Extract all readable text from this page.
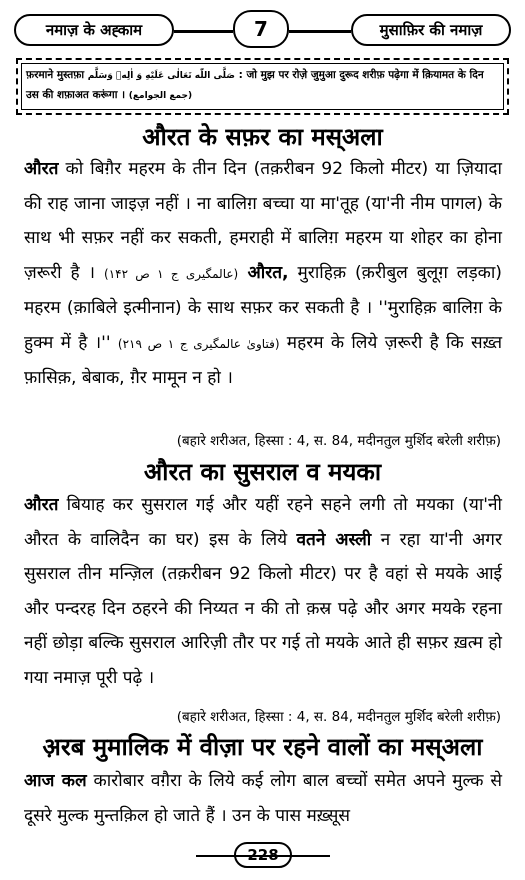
नमाज़ के अह्काम	7	मुसाफ़िर की नमाज़
फ़रमाने मुस्तफ़ा صَلَّى اللّٰه تَعَالٰى عَلَيْهِ وَ اٰلِهٖ وَسَلَّم : जो मुझ पर रोज़े जुमुआ दुरूद शरीफ़ पढ़ेगा में क़ियामत के दिन उस की शफ़ाअत करूंगा । (جمع الجوامع)
औरत के सफ़र का मस्अला
औरत को बिग़ैर महरम के तीन दिन (तक़रीबन 92 किलो मीटर) या ज़ियादा की राह जाना जाइज़ नहीं । ना बालिग़ बच्चा या मा'तूह (या'नी नीम पागल) के साथ भी सफ़र नहीं कर सकती, हमराही में बालिग़ महरम या शोहर का होना ज़रूरी है । (عالمگیری ج ۱ ص ۱۴۲) औरत, मुराहिक़ (क़रीबुल बुलूग़ लड़का) महरम (क़ाबिले इत्मीनान) के साथ सफ़र कर सकती है । ''मुराहिक़ बालिग़ के हुक्म में है ।'' (فتاویٰ عالمگیری ج ۱ ص ۲۱۹) महरम के लिये ज़रूरी है कि सख़्त फ़ासिक़, बेबाक, ग़ैर मामून न हो ।
(बहारे शरीअत, हिस्सा : 4, स. 84, मदीनतुल मुर्शिद बरेली शरीफ़)
औरत का सुसराल व मयका
औरत बियाह कर सुसराल गई और यहीं रहने सहने लगी तो मयका (या'नी औरत के वालिदैन का घर) इस के लिये वतने अस्ली न रहा या'नी अगर सुसराल तीन मन्ज़िल (तक़रीबन 92 किलो मीटर) पर है वहां से मयके आई और पन्दरह दिन ठहरने की निय्यत न की तो क़स्र पढ़े और अगर मयके रहना नहीं छोड़ा बल्कि सुसराल आरिज़ी तौर पर गई तो मयके आते ही सफ़र ख़त्म हो गया नमाज़ पूरी पढ़े ।
(बहारे शरीअत, हिस्सा : 4, स. 84, मदीनतुल मुर्शिद बरेली शरीफ़)
अ़रब मुमालिक में वीज़ा पर रहने वालों का मस्अला
आज कल कारोबार वग़ैरा के लिये कई लोग बाल बच्चों समेत अपने मुल्क से दूसरे मुल्क मुन्तक़िल हो जाते हैं । उन के पास मख़्सूस
228
